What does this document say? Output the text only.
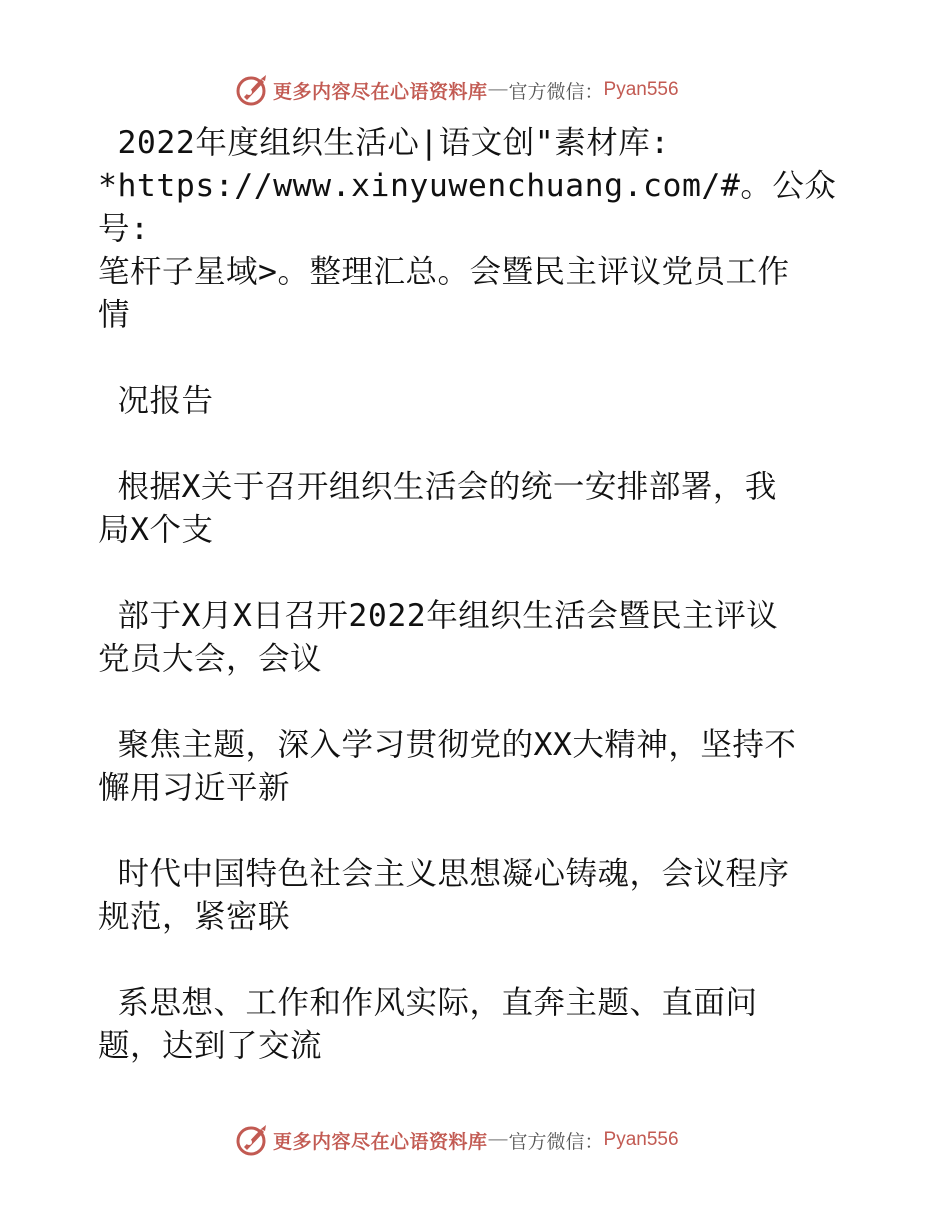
更多内容尽在心语资料库 — 官方微信： Pyan556

2022年度组织生活心|语文创"素材库:
*https://www.xinyuwenchuang.com/#。公众号:
笔杆子星域>。整理汇总。会暨民主评议党员工作
情

况报告

根据X关于召开组织生活会的统一安排部署，我
局X个支

部于X月X日召开2022年组织生活会暨民主评议
党员大会，会议

聚焦主题，深入学习贯彻党的XX大精神，坚持不
懈用习近平新

时代中国特色社会主义思想凝心铸魂，会议程序
规范，紧密联

系思想、工作和作风实际，直奔主题、直面问
题，达到了交流

更多内容尽在心语资料库 — 官方微信： Pyan556
